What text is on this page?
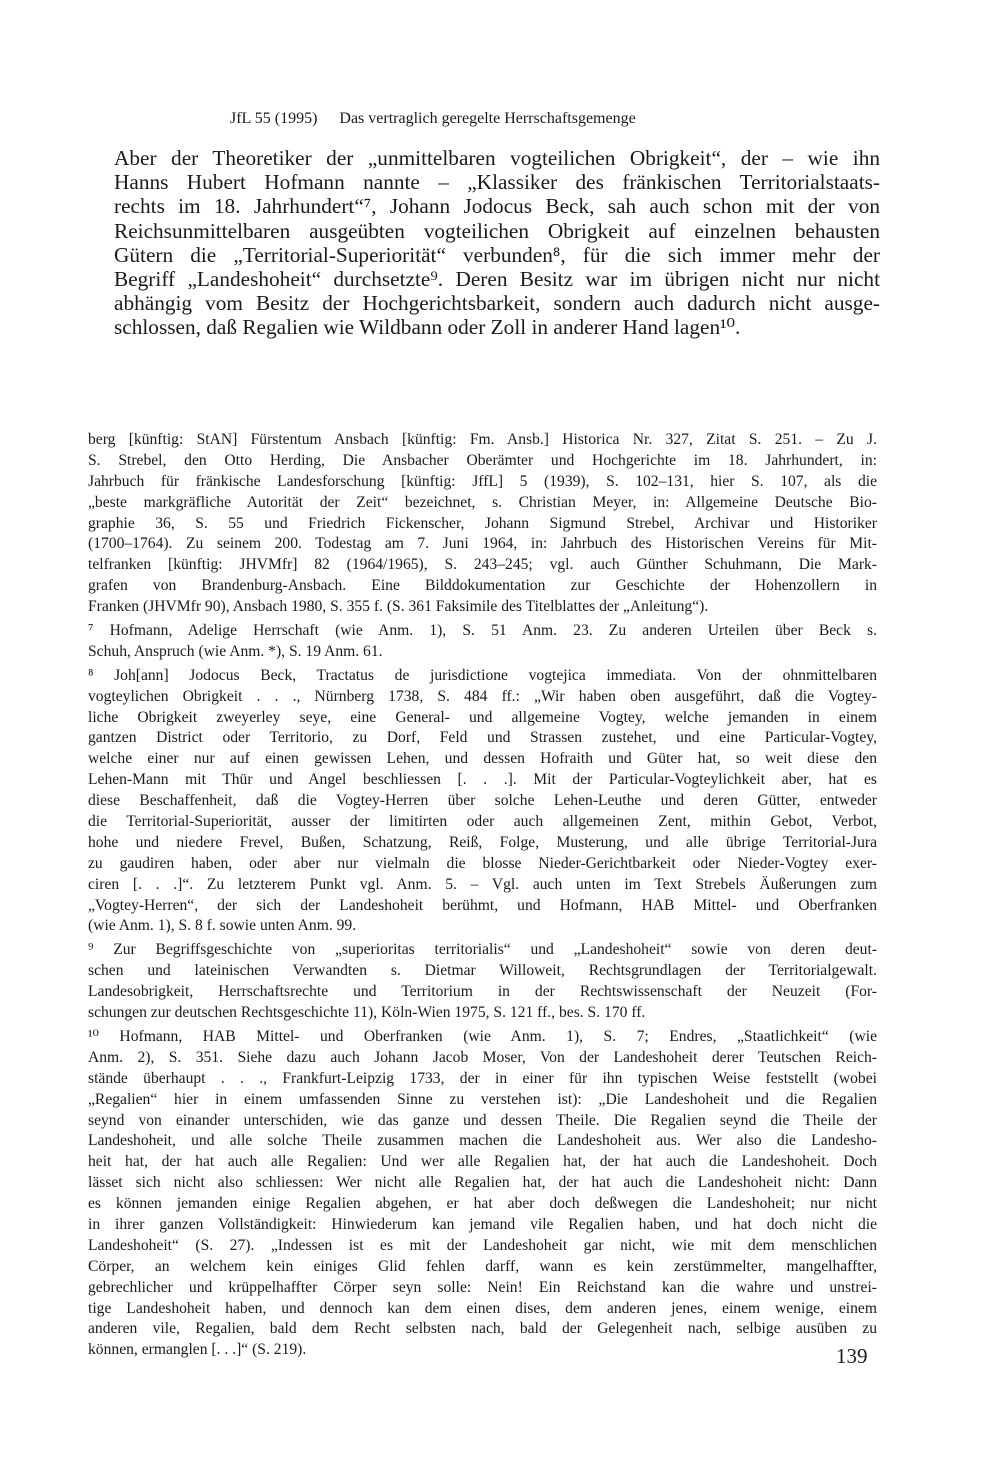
JfL 55 (1995) Das vertraglich geregelte Herrschaftsgemenge
Aber der Theoretiker der „unmittelbaren vogteilichen Obrigkeit“, der – wie ihn
Hanns Hubert Hofmann nannte – „Klassiker des fränkischen Territorialstaats-
rechts im 18. Jahrhundert“⁷, Johann Jodocus Beck, sah auch schon mit der von
Reichsunmittelbaren ausgeübten vogteilichen Obrigkeit auf einzelnen behausten
Gütern die „Territorial-Superiorität“ verbunden⁸, für die sich immer mehr der
Begriff „Landeshoheit“ durchsetzte⁹. Deren Besitz war im übrigen nicht nur nicht
abhängig vom Besitz der Hochgerichtsbarkeit, sondern auch dadurch nicht ausge-
schlossen, daß Regalien wie Wildbann oder Zoll in anderer Hand lagen¹⁰.
berg [künftig: StAN] Fürstentum Ansbach [künftig: Fm. Ansb.] Historica Nr. 327, Zitat S. 251. – Zu J.
S. Strebel, den Otto Herding, Die Ansbacher Oberämter und Hochgerichte im 18. Jahrhundert, in:
Jahrbuch für fränkische Landesforschung [künftig: JffL] 5 (1939), S. 102–131, hier S. 107, als die
„beste markgräfliche Autorität der Zeit“ bezeichnet, s. Christian Meyer, in: Allgemeine Deutsche Bio-
graphie 36, S. 55 und Friedrich Fickenscher, Johann Sigmund Strebel, Archivar und Historiker
(1700–1764). Zu seinem 200. Todestag am 7. Juni 1964, in: Jahrbuch des Historischen Vereins für Mit-
telfranken [künftig: JHVMfr] 82 (1964/1965), S. 243–245; vgl. auch Günther Schuhmann, Die Mark-
grafen von Brandenburg-Ansbach. Eine Bilddokumentation zur Geschichte der Hohenzollern in
Franken (JHVMfr 90), Ansbach 1980, S. 355 f. (S. 361 Faksimile des Titelblattes der „Anleitung“).
⁷ Hofmann, Adelige Herrschaft (wie Anm. 1), S. 51 Anm. 23. Zu anderen Urteilen über Beck s.
Schuh, Anspruch (wie Anm. *), S. 19 Anm. 61.
⁸ Joh[ann] Jodocus Beck, Tractatus de jurisdictione vogtejica immediata. Von der ohnmittelbaren
vogteylichen Obrigkeit . . ., Nürnberg 1738, S. 484 ff.: „Wir haben oben ausgeführt, daß die Vogtey-
liche Obrigkeit zweyerley seye, eine General- und allgemeine Vogtey, welche jemanden in einem
gantzen District oder Territorio, zu Dorf, Feld und Strassen zustehet, und eine Particular-Vogtey,
welche einer nur auf einen gewissen Lehen, und dessen Hofraith und Güter hat, so weit diese den
Lehen-Mann mit Thür und Angel beschliessen [. . .]. Mit der Particular-Vogteylichkeit aber, hat es
diese Beschaffenheit, daß die Vogtey-Herren über solche Lehen-Leuthe und deren Gütter, entweder
die Territorial-Superiorität, ausser der limitirten oder auch allgemeinen Zent, mithin Gebot, Verbot,
hohe und niedere Frevel, Bußen, Schatzung, Reiß, Folge, Musterung, und alle übrige Territorial-Jura
zu gaudiren haben, oder aber nur vielmaln die blosse Nieder-Gerichtbarkeit oder Nieder-Vogtey exer-
ciren [. . .]“. Zu letzterem Punkt vgl. Anm. 5. – Vgl. auch unten im Text Strebels Äußerungen zum
„Vogtey-Herren“, der sich der Landeshoheit berühmt, und Hofmann, HAB Mittel- und Oberfranken
(wie Anm. 1), S. 8 f. sowie unten Anm. 99.
⁹ Zur Begriffsgeschichte von „superioritas territorialis“ und „Landeshoheit“ sowie von deren deut-
schen und lateinischen Verwandten s. Dietmar Willoweit, Rechtsgrundlagen der Territorialgewalt.
Landesobrigkeit, Herrschaftsrechte und Territorium in der Rechtswissenschaft der Neuzeit (For-
schungen zur deutschen Rechtsgeschichte 11), Köln-Wien 1975, S. 121 ff., bes. S. 170 ff.
¹⁰ Hofmann, HAB Mittel- und Oberfranken (wie Anm. 1), S. 7; Endres, „Staatlichkeit“ (wie
Anm. 2), S. 351. Siehe dazu auch Johann Jacob Moser, Von der Landeshoheit derer Teutschen Reich-
stände überhaupt . . ., Frankfurt-Leipzig 1733, der in einer für ihn typischen Weise feststellt (wobei
„Regalien“ hier in einem umfassenden Sinne zu verstehen ist): „Die Landeshoheit und die Regalien
seynd von einander unterschiden, wie das ganze und dessen Theile. Die Regalien seynd die Theile der
Landeshoheit, und alle solche Theile zusammen machen die Landeshoheit aus. Wer also die Landesho-
heit hat, der hat auch alle Regalien: Und wer alle Regalien hat, der hat auch die Landeshoheit. Doch
lässet sich nicht also schliessen: Wer nicht alle Regalien hat, der hat auch die Landeshoheit nicht: Dann
es können jemanden einige Regalien abgehen, er hat aber doch deßwegen die Landeshoheit; nur nicht
in ihrer ganzen Vollständigkeit: Hinwiederum kan jemand vile Regalien haben, und hat doch nicht die
Landeshoheit“ (S. 27). „Indessen ist es mit der Landeshoheit gar nicht, wie mit dem menschlichen
Cörper, an welchem kein einiges Glid fehlen darff, wann es kein zerstümmelter, mangelhaffter,
gebrechlicher und krüppelhaffter Cörper seyn solle: Nein! Ein Reichstand kan die wahre und unstrei-
tige Landeshoheit haben, und dennoch kan dem einen dises, dem anderen jenes, einem wenige, einem
anderen vile, Regalien, bald dem Recht selbsten nach, bald der Gelegenheit nach, selbige ausüben zu
können, ermanglen [. . .]“ (S. 219).	139
